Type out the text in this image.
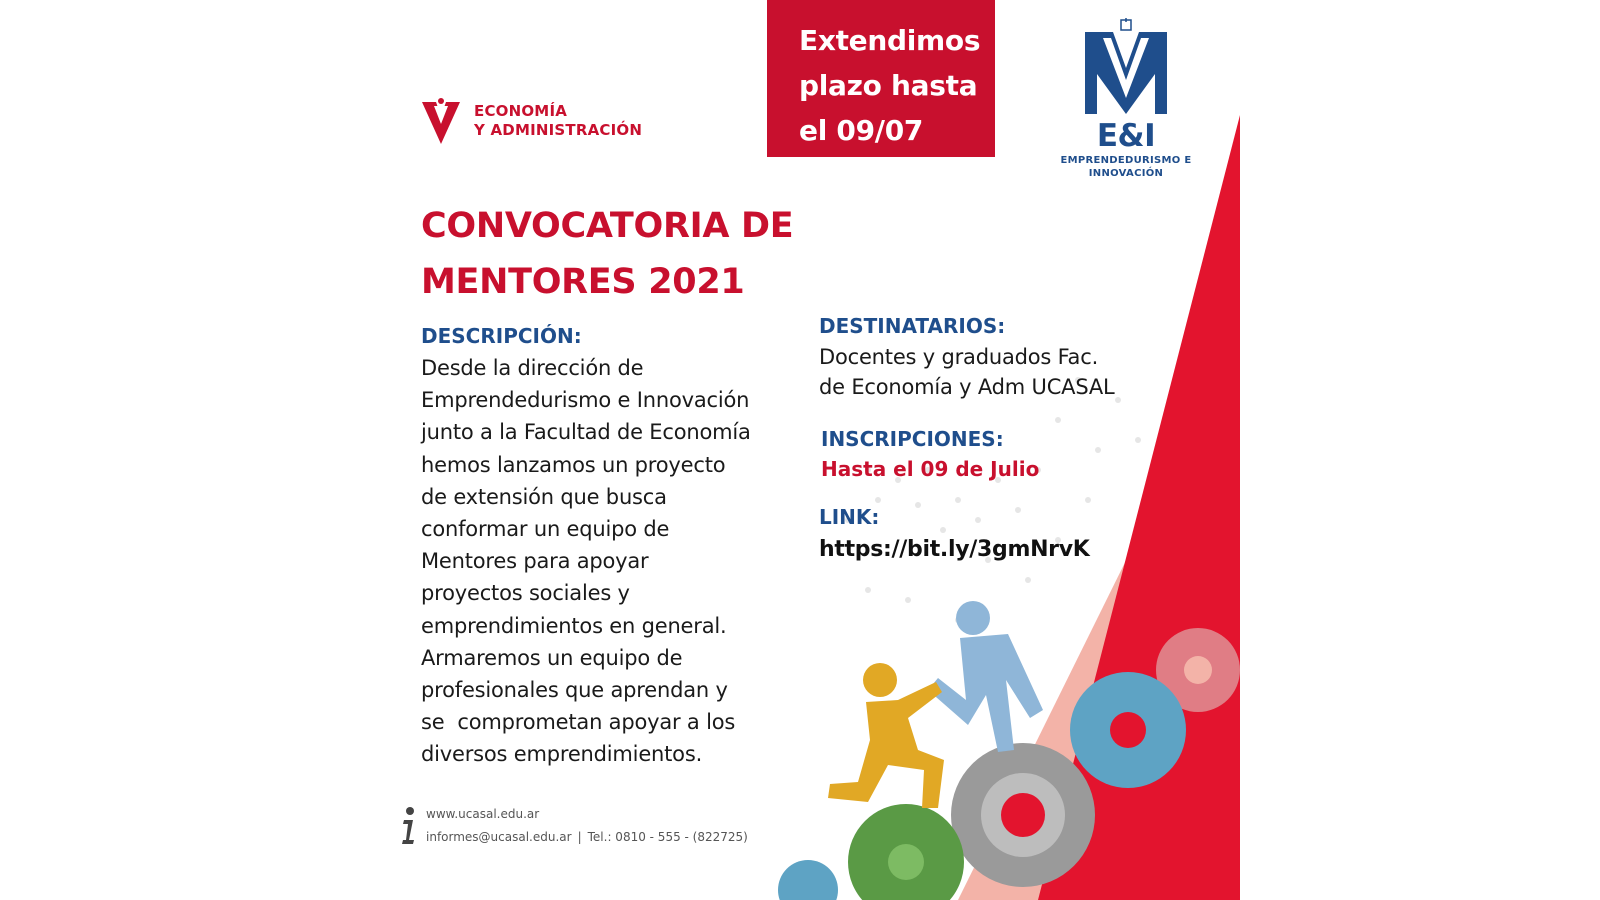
ECONOMÍA
Y ADMINISTRACIÓN
Extendimos
plazo hasta
el 09/07	E&I
EMPRENDEDURISMO E
INNOVACIÓN
CONVOCATORIA DE
MENTORES 2021
DESCRIPCIÓN:
Desde la dirección de
Emprendedurismo e Innovación
junto a la Facultad de Economía
hemos lanzamos un proyecto
de extensión que busca
conformar un equipo de
Mentores para apoyar
proyectos sociales y
emprendimientos en general.
Armaremos un equipo de
profesionales que aprendan y
se  comprometan apoyar a los
diversos emprendimientos.
DESTINATARIOS:
Docentes y graduados Fac.
de Economía y Adm UCASAL
INSCRIPCIONES:
Hasta el 09 de Julio
LINK:
https://bit.ly/3gmNrvK
www.ucasal.edu.ar
informes@ucasal.edu.ar | Tel.: 0810 - 555 - (822725)
